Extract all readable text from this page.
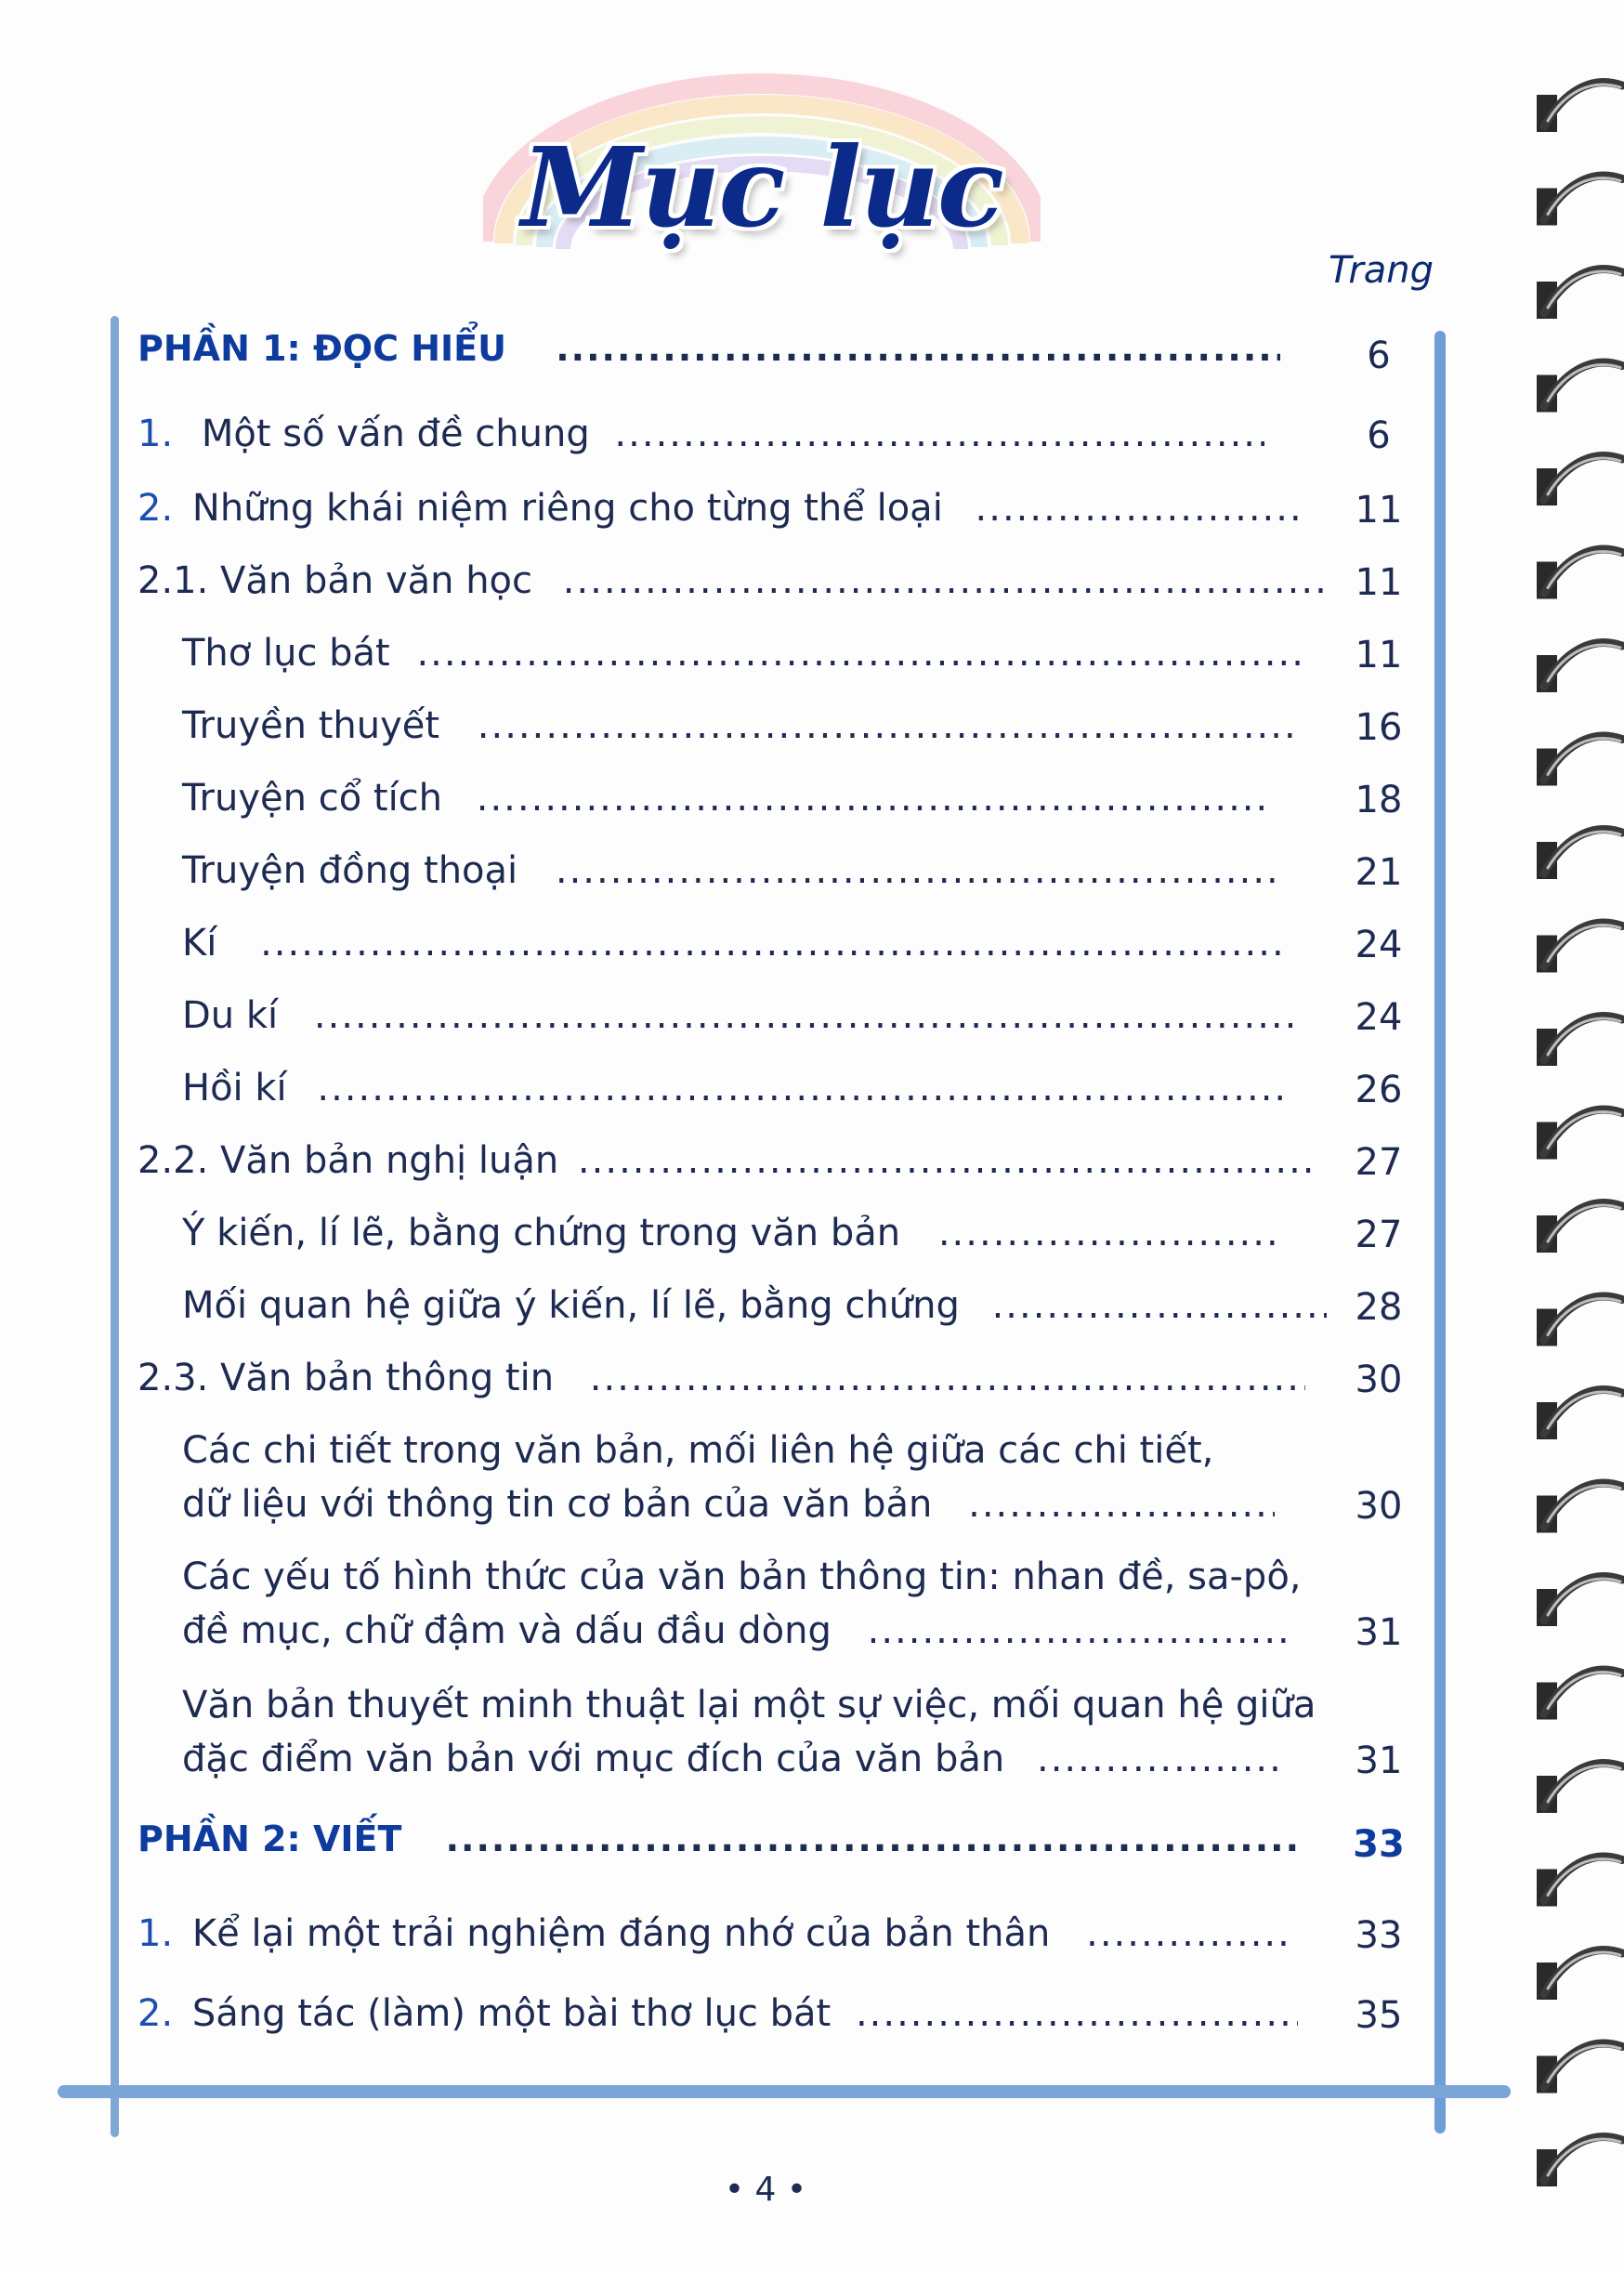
Mục lục
Trang
PHẦN 1: ĐỌC HIỂU .....	6
1. Một số vấn đề chung .....	6
2. Những khái niệm riêng cho từng thể loại .....	11
2.1. Văn bản văn học .....	11
Thơ lục bát .....	11
Truyền thuyết .....	16
Truyện cổ tích .....	18
Truyện đồng thoại .....	21
Kí .....	24
Du kí .....	24
Hồi kí .....	26
2.2. Văn bản nghị luận .....	27
Ý kiến, lí lẽ, bằng chứng trong văn bản .....	27
Mối quan hệ giữa ý kiến, lí lẽ, bằng chứng .....	28
2.3. Văn bản thông tin .....	30
Các chi tiết trong văn bản, mối liên hệ giữa các chi tiết,
dữ liệu với thông tin cơ bản của văn bản .....	30
Các yếu tố hình thức của văn bản thông tin: nhan đề, sa-pô,
đề mục, chữ đậm và dấu đầu dòng .....	31
Văn bản thuyết minh thuật lại một sự việc, mối quan hệ giữa
đặc điểm văn bản với mục đích của văn bản .....	31
PHẦN 2: VIẾT .....	33
1. Kể lại một trải nghiệm đáng nhớ của bản thân .....	33
2. Sáng tác (làm) một bài thơ lục bát .....	35
• 4 •
